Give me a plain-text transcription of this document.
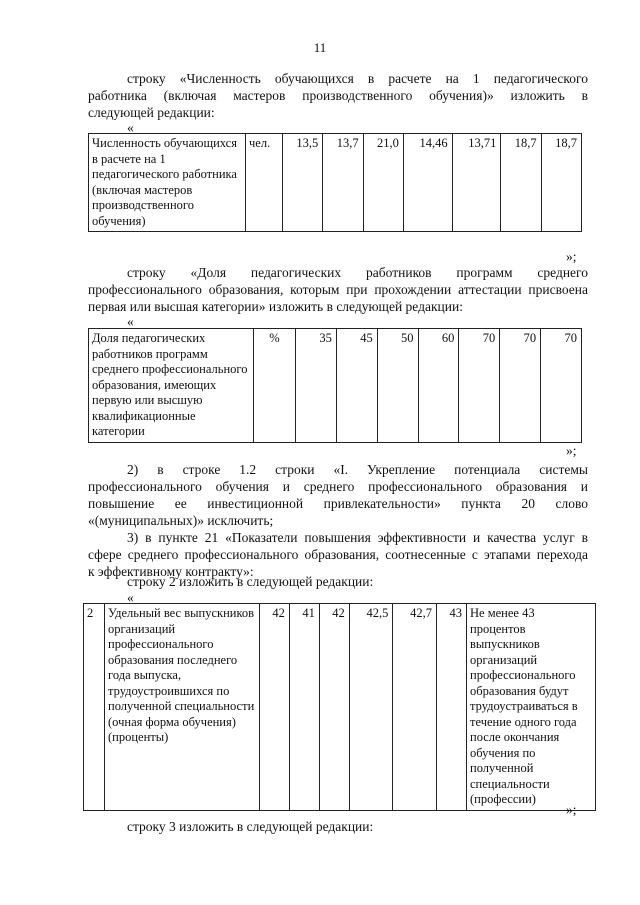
11
строку «Численность обучающихся в расчете на 1 педагогического
работника (включая мастеров производственного обучения)» изложить в
следующей редакции:
«
Численность обучающихся в расчете на 1 педагогического работника (включая мастеров производственного обучения)	чел.	13,5	13,7	21,0	14,46	13,71	18,7	18,7
»;
строку «Доля педагогических работников программ среднего
профессионального образования, которым при прохождении аттестации присвоена
первая или высшая категории» изложить в следующей редакции:
«
Доля педагогических работников программ среднего профессионального образования, имеющих первую или высшую квалификационные категории	%	35	45	50	60	70	70	70
»;
2) в строке 1.2 строки «I. Укрепление потенциала системы
профессионального обучения и среднего профессионального образования и
повышение ее инвестиционной привлекательности» пункта 20 слово
«(муниципальных)» исключить;
3) в пункте 21 «Показатели повышения эффективности и качества услуг в
сфере среднего профессионального образования, соотнесенные с этапами перехода
к эффективному контракту»:
строку 2 изложить в следующей редакции:
«
2	Удельный вес выпускников организаций профессионального образования последнего года выпуска, трудоустроившихся по полученной специальности (очная форма обучения) (проценты)	42	41	42	42,5	42,7	43	Не менее 43 процентов выпускников организаций профессионального образования будут трудоустраиваться в течение одного года после окончания обучения по полученной специальности (профессии)
»;
строку 3 изложить в следующей редакции:
